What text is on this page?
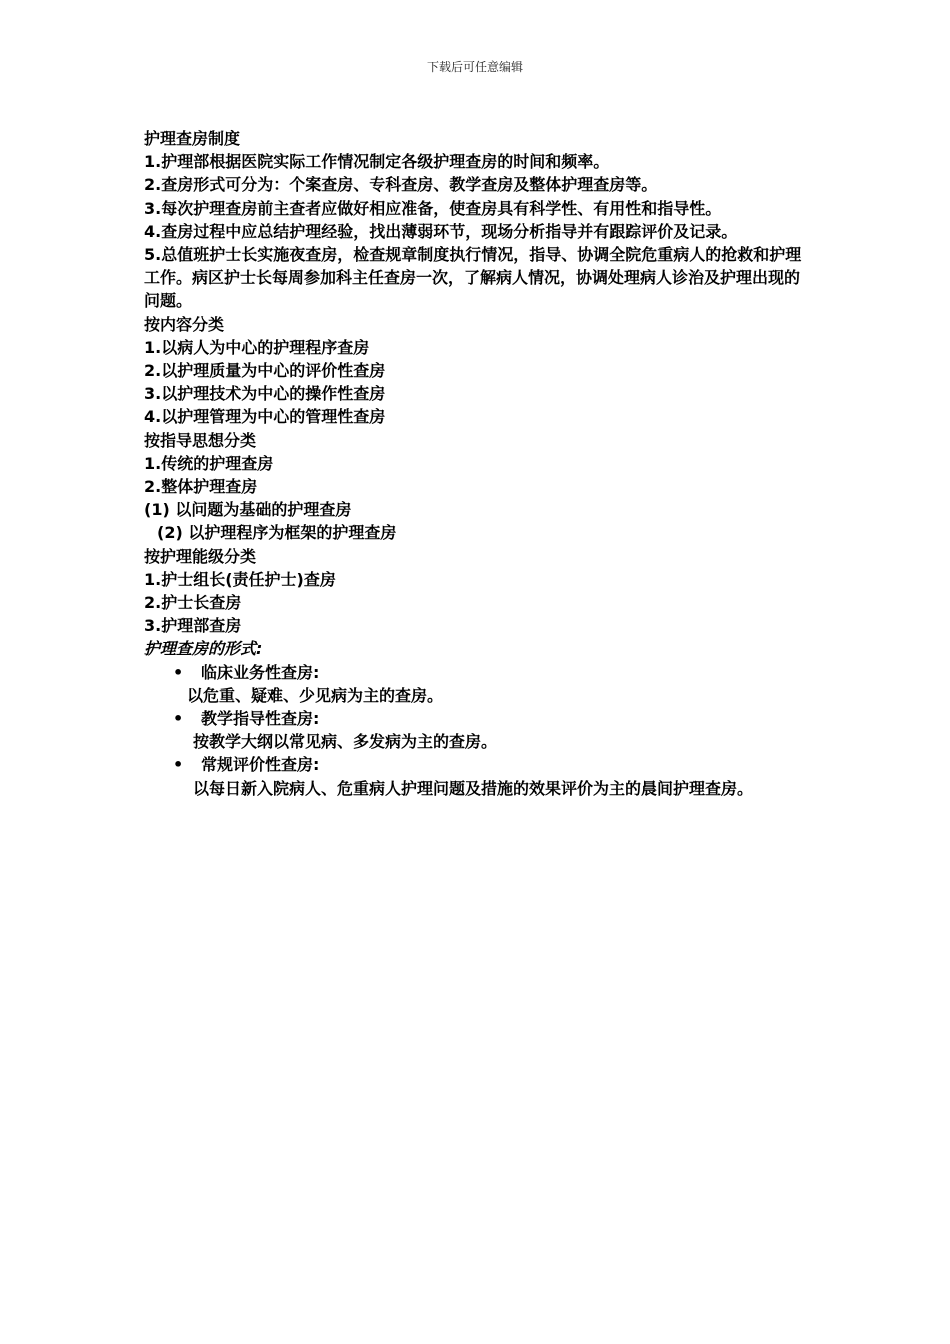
下载后可任意编辑
护理查房制度
1.护理部根据医院实际工作情况制定各级护理查房的时间和频率。
2.查房形式可分为：个案查房、专科查房、教学查房及整体护理查房等。
3.每次护理查房前主查者应做好相应准备，使查房具有科学性、有用性和指导性。
4.查房过程中应总结护理经验，找出薄弱环节，现场分析指导并有跟踪评价及记录。
5.总值班护士长实施夜查房，检查规章制度执行情况，指导、协调全院危重病人的抢救和护理工作。病区护士长每周参加科主任查房一次，了解病人情况，协调处理病人诊治及护理出现的问题。
按内容分类
1.以病人为中心的护理程序查房
2.以护理质量为中心的评价性查房
3.以护理技术为中心的操作性查房
4.以护理管理为中心的管理性查房
按指导思想分类
1.传统的护理查房
2.整体护理查房
(1) 以问题为基础的护理查房
(2) 以护理程序为框架的护理查房
按护理能级分类
1.护士组长(责任护士)查房
2.护士长查房
3.护理部查房
护理查房的形式:
• 临床业务性查房:
以危重、疑难、少见病为主的查房。
• 教学指导性查房:
按教学大纲以常见病、多发病为主的查房。
• 常规评价性查房:
以每日新入院病人、危重病人护理问题及措施的效果评价为主的晨间护理查房。
